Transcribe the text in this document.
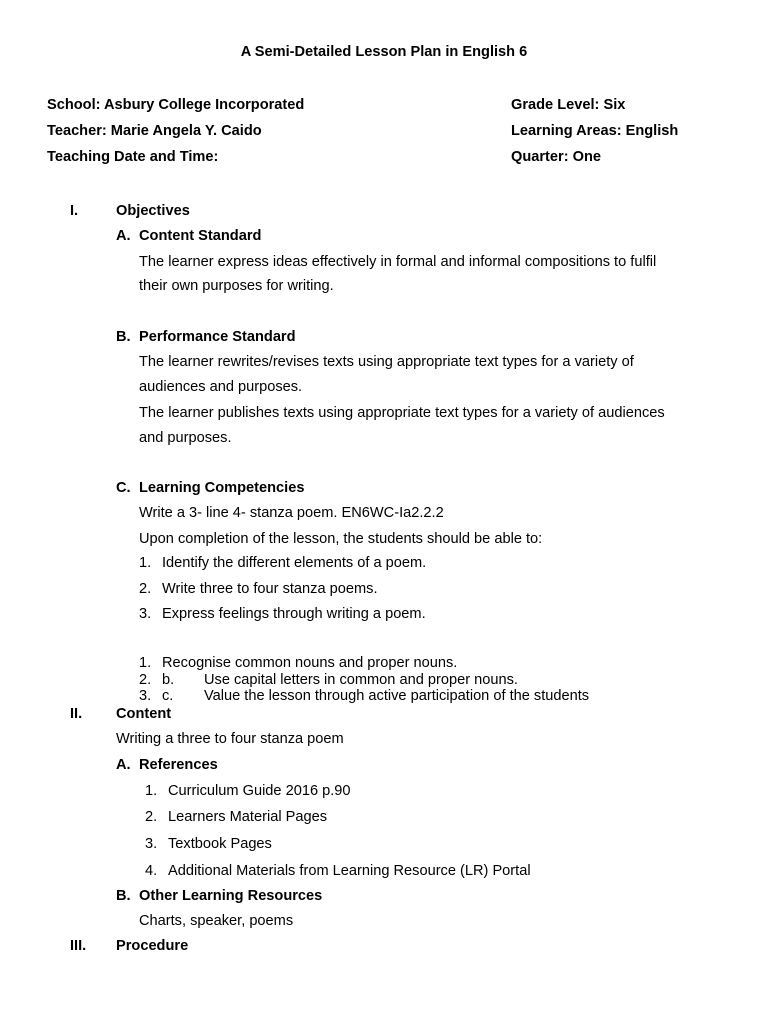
A Semi-Detailed Lesson Plan in English 6
School: Asbury College Incorporated
Teacher: Marie Angela Y. Caido
Teaching Date and Time:
Grade Level: Six
Learning Areas: English
Quarter: One
I.	Objectives
A. Content Standard
The learner express ideas effectively in formal and informal compositions to fulfil
their own purposes for writing.
B. Performance Standard
The learner rewrites/revises texts using appropriate text types for a variety of
audiences and purposes.
The learner publishes texts using appropriate text types for a variety of audiences
and purposes.
C. Learning Competencies
Write a 3- line 4- stanza poem. EN6WC-Ia2.2.2
Upon completion of the lesson, the students should be able to:
1. Identify the different elements of a poem.
2. Write three to four stanza poems.
3. Express feelings through writing a poem.
1. Recognise common nouns and proper nouns.
2. b. Use capital letters in common and proper nouns.
3. c. Value the lesson through active participation of the students
II. Content
Writing a three to four stanza poem
A. References
1. Curriculum Guide 2016 p.90
2. Learners Material Pages
3. Textbook Pages
4. Additional Materials from Learning Resource (LR) Portal
B. Other Learning Resources
Charts, speaker, poems
III. Procedure
